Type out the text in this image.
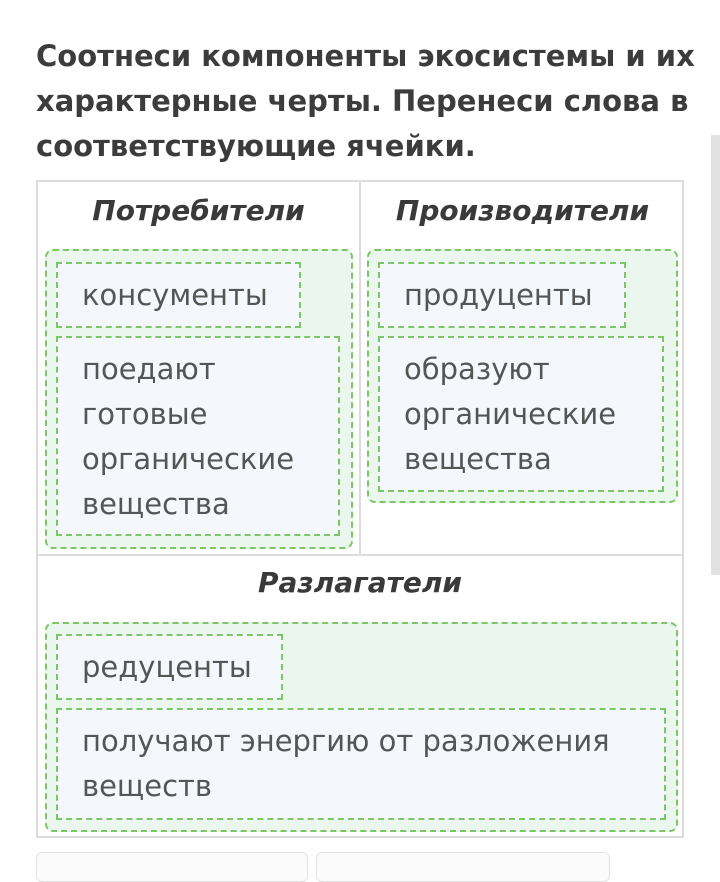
Соотнеси компоненты экосистемы и их характерные черты. Перенеси слова в соответствующие ячейки.
Потребители
консументы
поедают готовые органические вещества
Производители
продуценты
образуют органические вещества
Разлагатели
редуценты
получают энергию от разложения веществ
